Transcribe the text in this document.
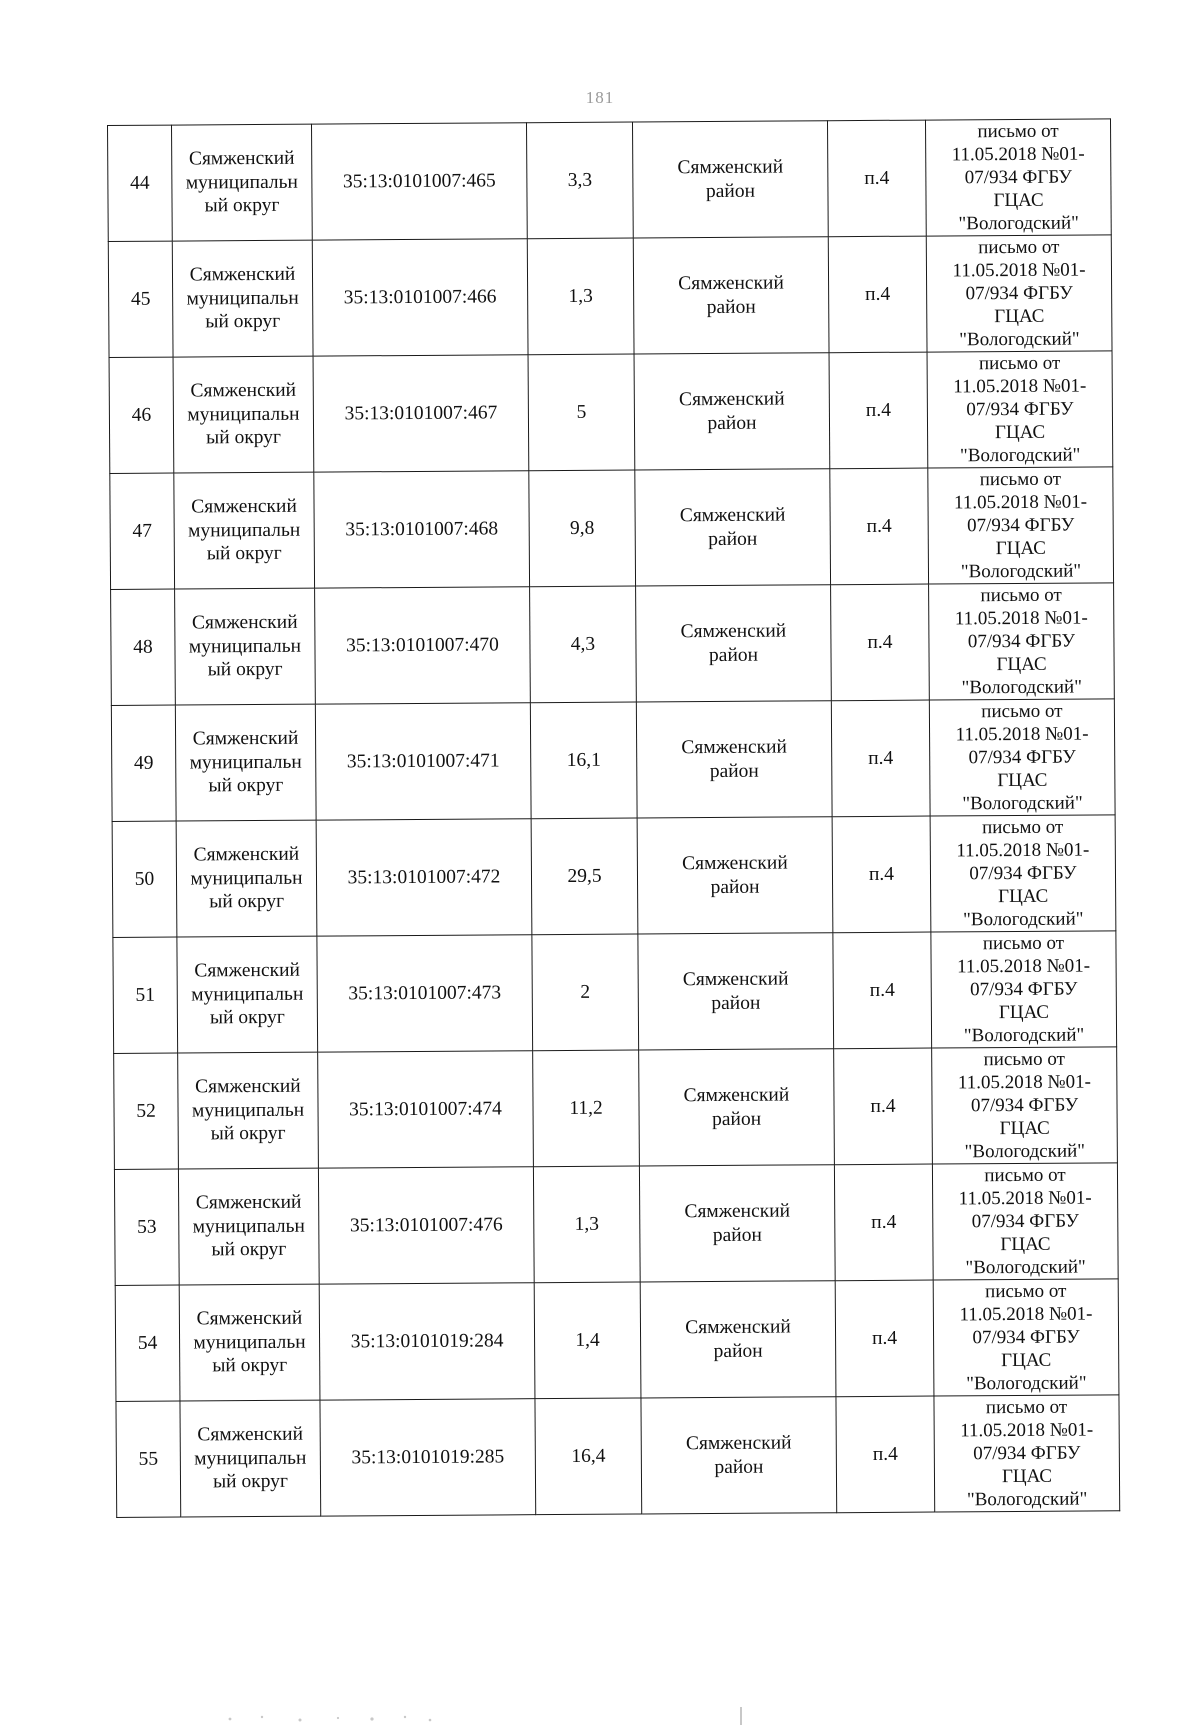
181
44	Сямженский муниципальный округ	35:13:0101007:465	3,3	Сямженский район	п.4	письмо от
11.05.2018 №01-
07/934 ФГБУ
ГЦАС
"Вологодский"

45	Сямженский муниципальный округ	35:13:0101007:466	1,3	Сямженский район	п.4	письмо от
11.05.2018 №01-
07/934 ФГБУ
ГЦАС
"Вологодский"

46	Сямженский муниципальный округ	35:13:0101007:467	5	Сямженский район	п.4	письмо от
11.05.2018 №01-
07/934 ФГБУ
ГЦАС
"Вологодский"

47	Сямженский муниципальный округ	35:13:0101007:468	9,8	Сямженский район	п.4	письмо от
11.05.2018 №01-
07/934 ФГБУ
ГЦАС
"Вологодский"

48	Сямженский муниципальный округ	35:13:0101007:470	4,3	Сямженский район	п.4	письмо от
11.05.2018 №01-
07/934 ФГБУ
ГЦАС
"Вологодский"

49	Сямженский муниципальный округ	35:13:0101007:471	16,1	Сямженский район	п.4	письмо от
11.05.2018 №01-
07/934 ФГБУ
ГЦАС
"Вологодский"

50	Сямженский муниципальный округ	35:13:0101007:472	29,5	Сямженский район	п.4	письмо от
11.05.2018 №01-
07/934 ФГБУ
ГЦАС
"Вологодский"

51	Сямженский муниципальный округ	35:13:0101007:473	2	Сямженский район	п.4	письмо от
11.05.2018 №01-
07/934 ФГБУ
ГЦАС
"Вологодский"

52	Сямженский муниципальный округ	35:13:0101007:474	11,2	Сямженский район	п.4	письмо от
11.05.2018 №01-
07/934 ФГБУ
ГЦАС
"Вологодский"

53	Сямженский муниципальный округ	35:13:0101007:476	1,3	Сямженский район	п.4	письмо от
11.05.2018 №01-
07/934 ФГБУ
ГЦАС
"Вологодский"

54	Сямженский муниципальный округ	35:13:0101019:284	1,4	Сямженский район	п.4	письмо от
11.05.2018 №01-
07/934 ФГБУ
ГЦАС
"Вологодский"

55	Сямженский муниципальный округ	35:13:0101019:285	16,4	Сямженский район	п.4	письмо от
11.05.2018 №01-
07/934 ФГБУ
ГЦАС
"Вологодский"
